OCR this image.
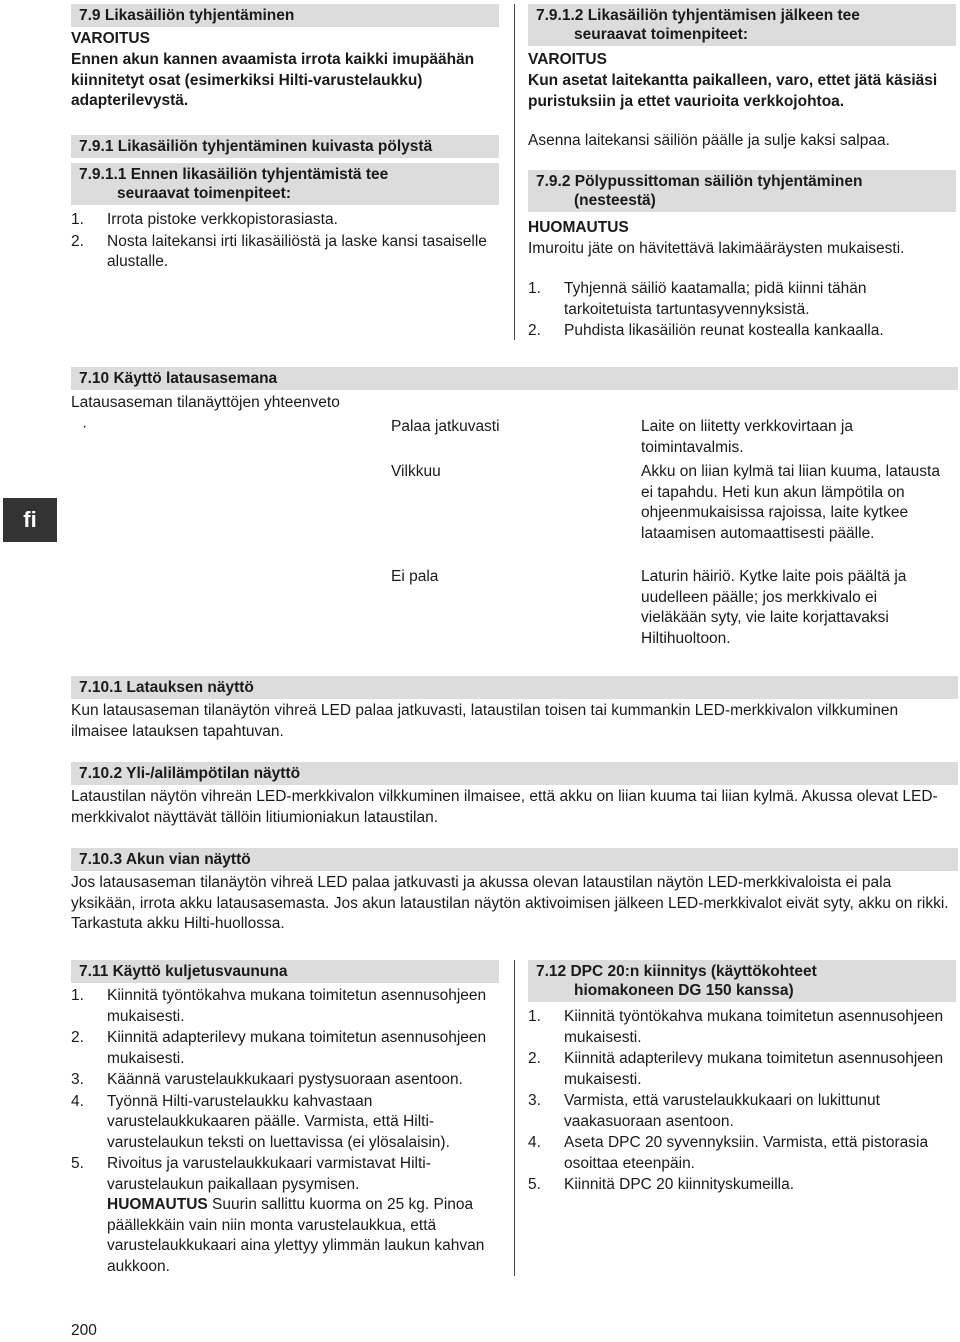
7.9 Likasäiliön tyhjentäminen
VAROITUS
Ennen akun kannen avaamista irrota kaikki imupäähän kiinnitetyt osat (esimerkiksi Hilti-varustelaukku) adapterilevystä.
7.9.1 Likasäiliön tyhjentäminen kuivasta pölystä
7.9.1.1 Ennen likasäiliön tyhjentämistä tee
seuraavat toimenpiteet:
1. Irrota pistoke verkkopistorasiasta.
2. Nosta laitekansi irti likasäiliöstä ja laske kansi tasaiselle alustalle.
7.9.1.2 Likasäiliön tyhjentämisen jälkeen tee
seuraavat toimenpiteet:
VAROITUS
Kun asetat laitekantta paikalleen, varo, ettet jätä käsiäsi puristuksiin ja ettet vaurioita verkkojohtoa.
Asenna laitekansi säiliön päälle ja sulje kaksi salpaa.
7.9.2 Pölypussittoman säiliön tyhjentäminen
(nesteestä)
HUOMAUTUS
Imuroitu jäte on hävitettävä lakimääräysten mukaisesti.
1. Tyhjennä säiliö kaatamalla; pidä kiinni tähän tarkoitetuista tartuntasyvennyksistä.
2. Puhdista likasäiliön reunat kostealla kankaalla.
7.10 Käyttö latausasemana
Latausaseman tilanäyttöjen yhteenveto
fi
·	Palaa jatkuvasti	Laite on liitetty verkkovirtaan ja toimintavalmis.
Vilkkuu	Akku on liian kylmä tai liian kuuma, latausta ei tapahdu. Heti kun akun lämpötila on ohjeenmukaisissa rajoissa, laite kytkee lataamisen automaattisesti päälle.
Ei pala	Laturin häiriö. Kytke laite pois päältä ja uudelleen päälle; jos merkkivalo ei vieläkään syty, vie laite korjattavaksi Hiltihuoltoon.
7.10.1 Latauksen näyttö
Kun latausaseman tilanäytön vihreä LED palaa jatkuvasti, lataustilan toisen tai kummankin LED-merkkivalon vilkkuminen ilmaisee latauksen tapahtuvan.
7.10.2 Yli-/alilämpötilan näyttö
Lataustilan näytön vihreän LED-merkkivalon vilkkuminen ilmaisee, että akku on liian kuuma tai liian kylmä. Akussa olevat LED-merkkivalot näyttävät tällöin litiumioniakun lataustilan.
7.10.3 Akun vian näyttö
Jos latausaseman tilanäytön vihreä LED palaa jatkuvasti ja akussa olevan lataustilan näytön LED-merkkivaloista ei pala yksikään, irrota akku latausasemasta. Jos akun lataustilan näytön aktivoimisen jälkeen LED-merkkivalot eivät syty, akku on rikki. Tarkastuta akku Hilti-huollossa.
7.11 Käyttö kuljetusvaununa
1. Kiinnitä työntökahva mukana toimitetun asennusohjeen mukaisesti.
2. Kiinnitä adapterilevy mukana toimitetun asennusohjeen mukaisesti.
3. Käännä varustelaukkukaari pystysuoraan asentoon.
4. Työnnä Hilti-varustelaukku kahvastaan varustelaukkukaaren päälle. Varmista, että Hilti-varustelaukun teksti on luettavissa (ei ylösalaisin).
5. Rivoitus ja varustelaukkukaari varmistavat Hilti-varustelaukun paikallaan pysymisen.
HUOMAUTUS Suurin sallittu kuorma on 25 kg. Pinoa päällekkäin vain niin monta varustelaukkua, että varustelaukkukaari aina ylettyy ylimmän laukun kahvan aukkoon.
7.12 DPC 20:n kiinnitys (käyttökohteet
hiomakoneen DG 150 kanssa)
1. Kiinnitä työntökahva mukana toimitetun asennusohjeen mukaisesti.
2. Kiinnitä adapterilevy mukana toimitetun asennusohjeen mukaisesti.
3. Varmista, että varustelaukkukaari on lukittunut vaakasuoraan asentoon.
4. Aseta DPC 20 syvennyksiin. Varmista, että pistorasia osoittaa eteenpäin.
5. Kiinnitä DPC 20 kiinnityskumeilla.
200
